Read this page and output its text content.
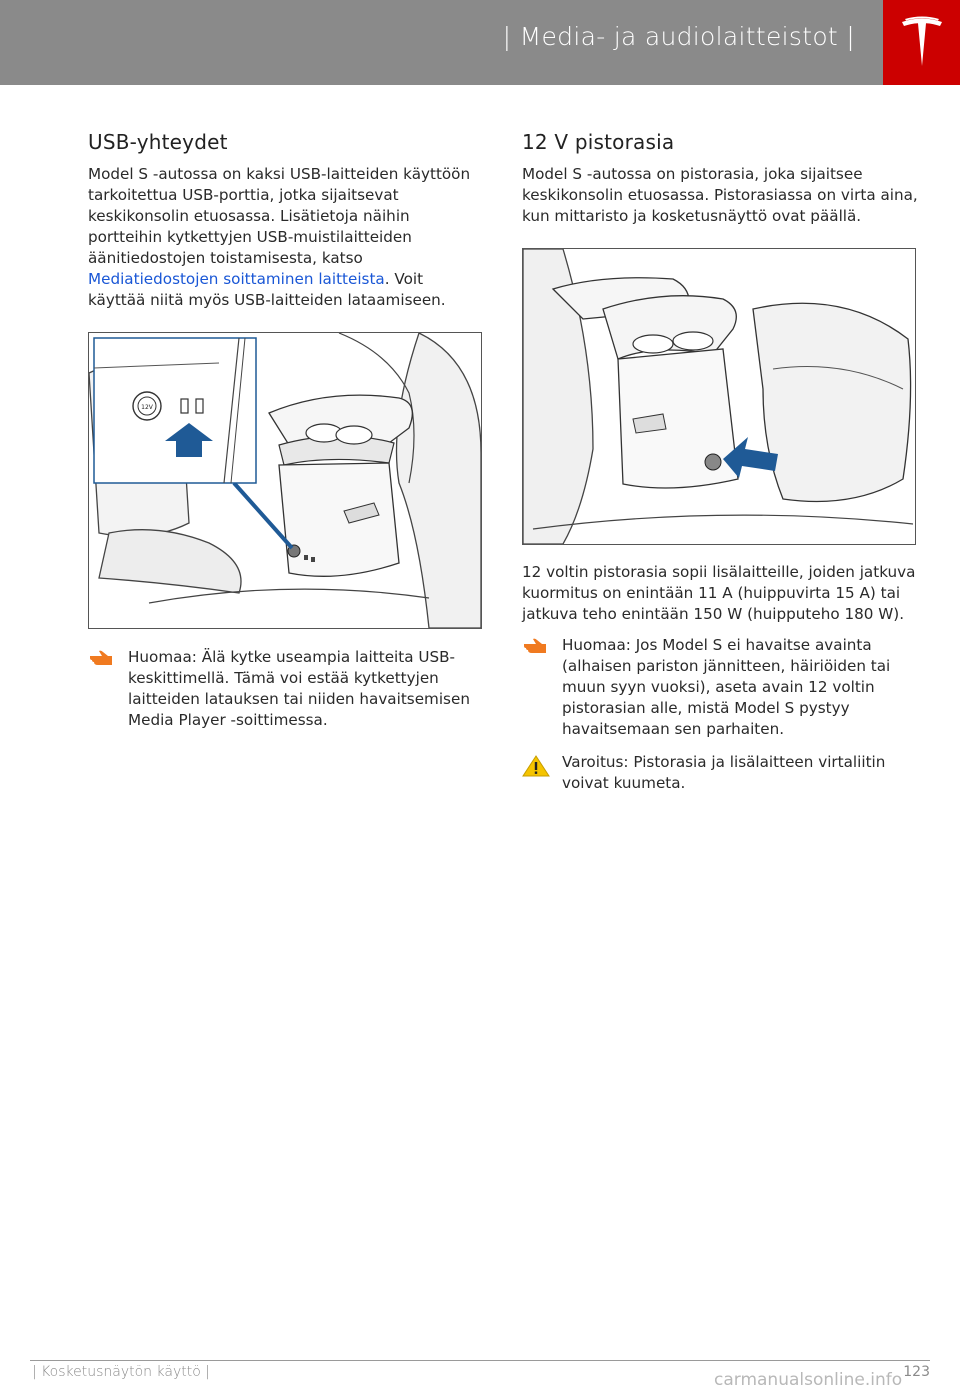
| Media- ja audiolaitteistot |
USB-yhteydet

Model S -autossa on kaksi USB-laitteiden käyttöön tarkoitettua USB-porttia, jotka sijaitsevat keskikonsolin etuosassa. Lisätietoja näihin portteihin kytkettyjen USB-muistilaitteiden äänitiedostojen toistamisesta, katso Mediatiedostojen soittaminen laitteista. Voit käyttää niitä myös USB-laitteiden lataamiseen.

12V

Huomaa: Älä kytke useampia laitteita USB-keskittimellä. Tämä voi estää kytkettyjen laitteiden latauksen tai niiden havaitsemisen Media Player -soittimessa.

12 V pistorasia

Model S -autossa on pistorasia, joka sijaitsee keskikonsolin etuosassa. Pistorasiassa on virta aina, kun mittaristo ja kosketusnäyttö ovat päällä.

12 voltin pistorasia sopii lisälaitteille, joiden jatkuva kuormitus on enintään 11 A (huippuvirta 15 A) tai jatkuva teho enintään 150 W (huipputeho 180 W).

Huomaa: Jos Model S ei havaitse avainta (alhaisen pariston jännitteen, häiriöiden tai muun syyn vuoksi), aseta avain 12 voltin pistorasian alle, mistä Model S pystyy havaitsemaan sen parhaiten.

Varoitus: Pistorasia ja lisälaitteen virtaliitin voivat kuumeta.

| Kosketusnäytön käyttö |	123
carmanualsonline.info
